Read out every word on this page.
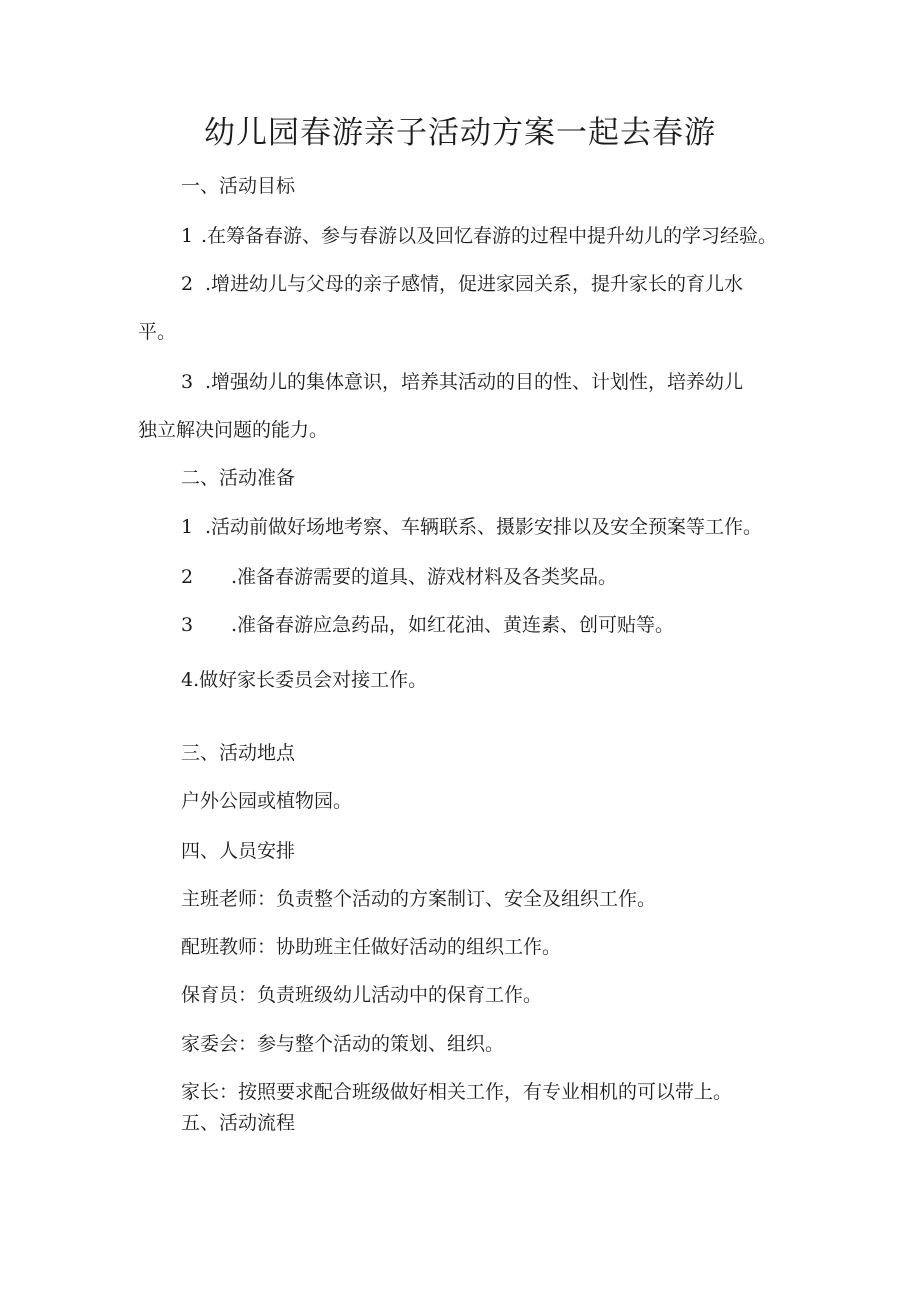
幼儿园春游亲子活动方案一起去春游
一、活动目标
1 .在筹备春游、参与春游以及回忆春游的过程中提升幼儿的学习经验。
2 .增进幼儿与父母的亲子感情，促进家园关系，提升家长的育儿水
平。
3 .增强幼儿的集体意识，培养其活动的目的性、计划性，培养幼儿
独立解决问题的能力。
二、活动准备
1 .活动前做好场地考察、车辆联系、摄影安排以及安全预案等工作。
2 .准备春游需要的道具、游戏材料及各类奖品。
3 .准备春游应急药品，如红花油、黄连素、创可贴等。
4.做好家长委员会对接工作。
三、活动地点
户外公园或植物园。
四、人员安排
主班老师：负责整个活动的方案制订、安全及组织工作。
配班教师：协助班主任做好活动的组织工作。
保育员：负责班级幼儿活动中的保育工作。
家委会：参与整个活动的策划、组织。
家长：按照要求配合班级做好相关工作，有专业相机的可以带上。
五、活动流程
